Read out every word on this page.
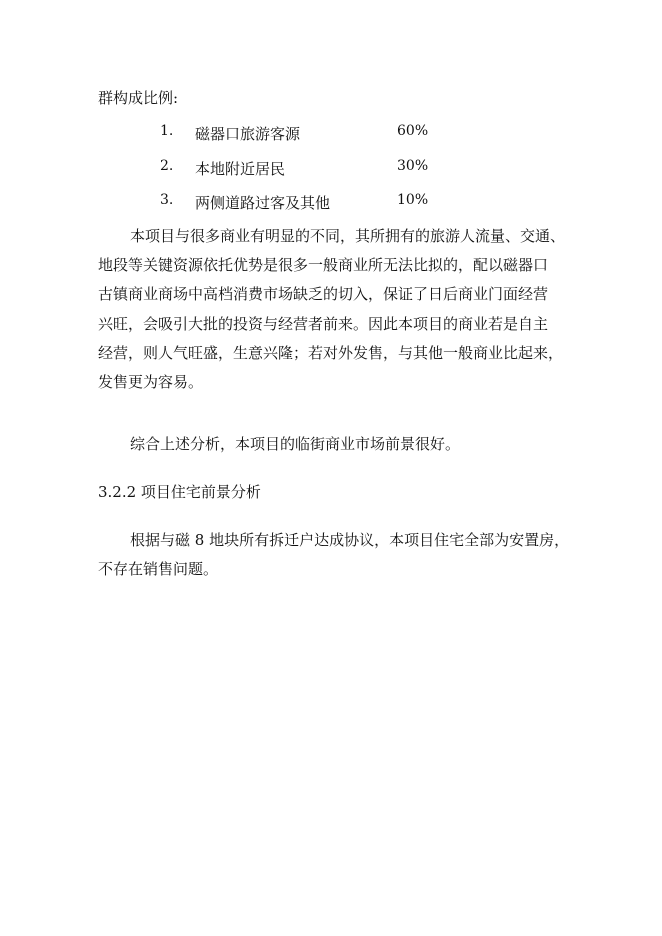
群构成比例:
1. 磁器口旅游客源	60%
2. 本地附近居民	30%
3. 两侧道路过客及其他	10%
本项目与很多商业有明显的不同，其所拥有的旅游人流量、交通、
地段等关键资源依托优势是很多一般商业所无法比拟的，配以磁器口
古镇商业商场中高档消费市场缺乏的切入，保证了日后商业门面经营
兴旺，会吸引大批的投资与经营者前来。因此本项目的商业若是自主
经营，则人气旺盛，生意兴隆；若对外发售，与其他一般商业比起来，
发售更为容易。
综合上述分析，本项目的临街商业市场前景很好。
3.2.2 项目住宅前景分析
根据与磁 8 地块所有拆迁户达成协议，本项目住宅全部为安置房，
不存在销售问题。
